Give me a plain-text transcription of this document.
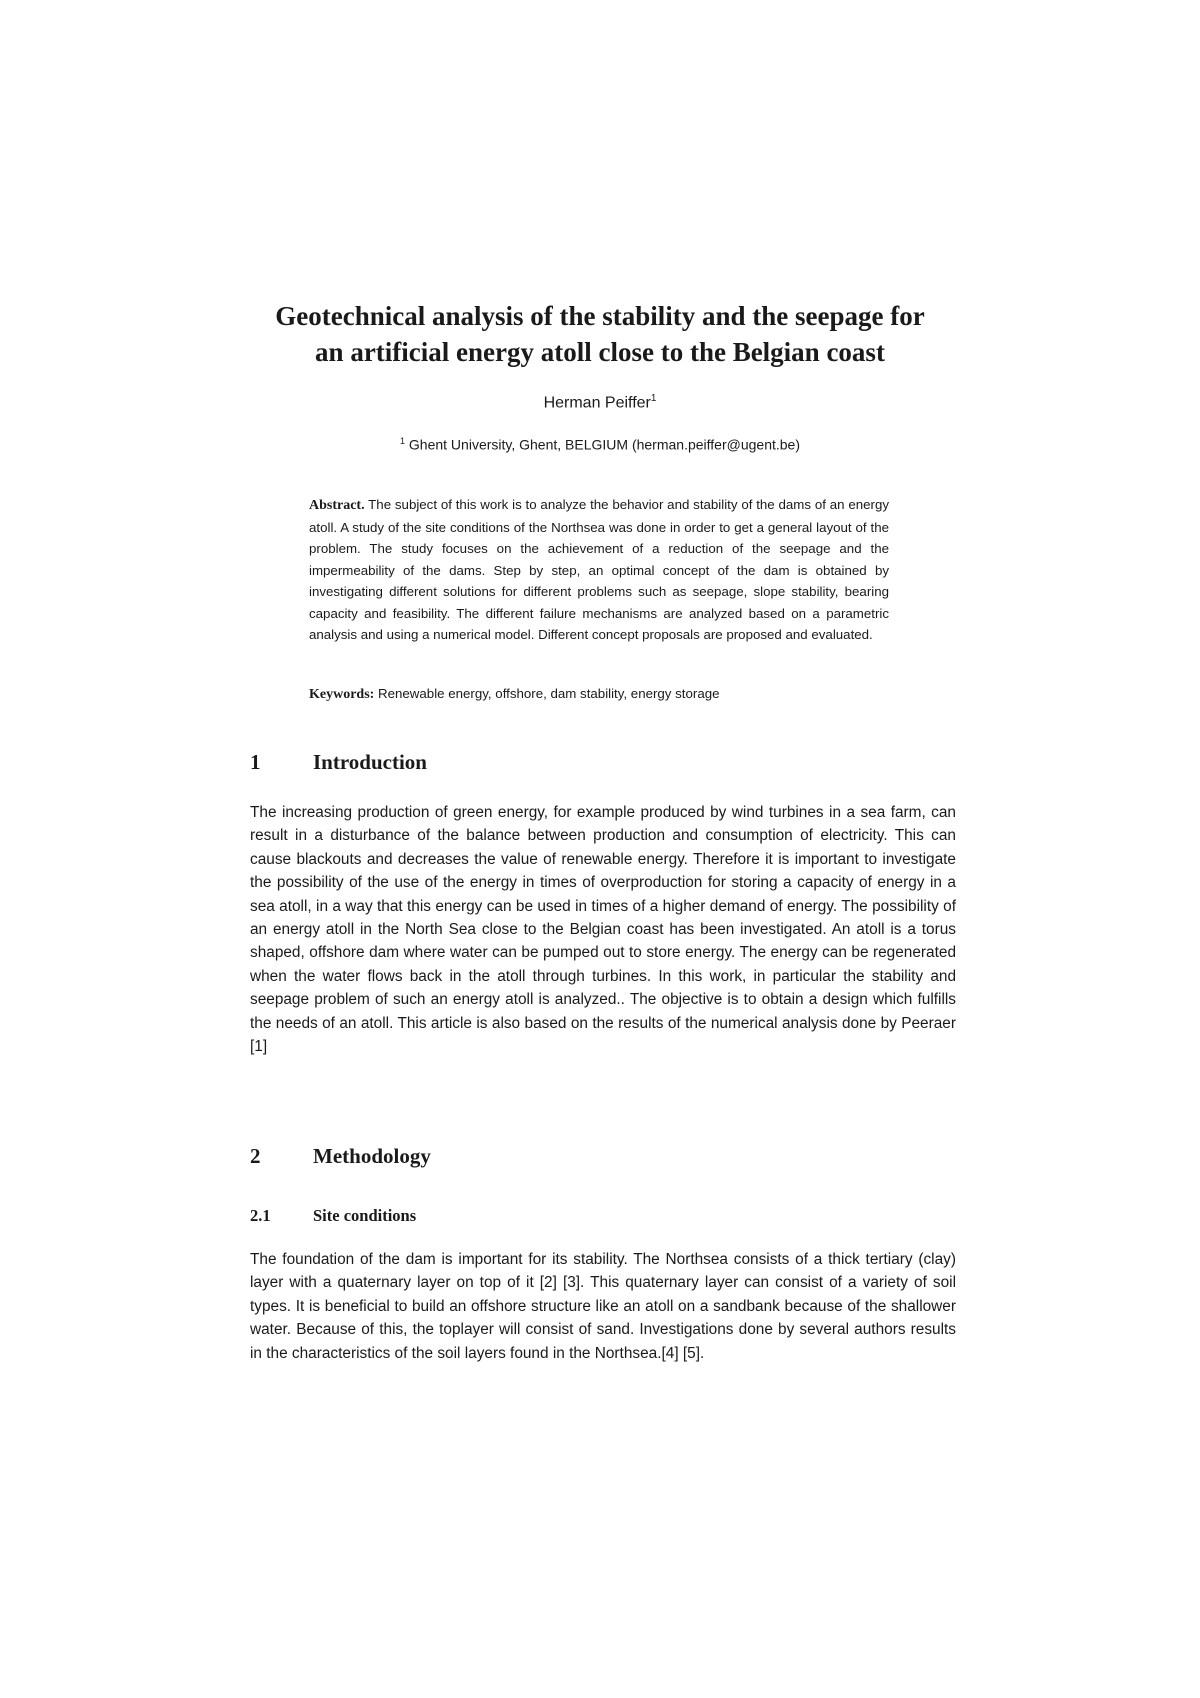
Geotechnical analysis of the stability and the seepage for
an artificial energy atoll close to the Belgian coast
Herman Peiffer$^1$
$^1$ Ghent University, Ghent, BELGIUM (herman.peiffer@ugent.be)

Abstract. The subject of this work is to analyze the behavior and stability of the dams of an energy atoll. A study of the site conditions of the Northsea was done in order to get a general layout of the problem. The study focuses on the achievement of a reduction of the seepage and the impermeability of the dams. Step by step, an optimal concept of the dam is obtained by investigating different solutions for different problems such as seepage, slope stability, bearing capacity and feasibility. The different failure mechanisms are analyzed based on a parametric analysis and using a numerical model. Different concept proposals are proposed and evaluated.

Keywords: Renewable energy, offshore, dam stability, energy storage

1	Introduction

The increasing production of green energy, for example produced by wind turbines in a sea farm, can result in a disturbance of the balance between production and consumption of electricity. This can cause blackouts and decreases the value of renewable energy. Therefore it is important to investigate the possibility of the use of the energy in times of overproduction for storing a capacity of energy in a sea atoll, in a way that this energy can be used in times of a higher demand of energy. The possibility of an energy atoll in the North Sea close to the Belgian coast has been investigated. An atoll is a torus shaped, offshore dam where water can be pumped out to store energy. The energy can be regenerated when the water flows back in the atoll through turbines. In this work, in particular the stability and seepage problem of such an energy atoll is analyzed.. The objective is to obtain a design which fulfills the needs of an atoll. This article is also based on the results of the numerical analysis done by Peeraer [1]

2	Methodology
2.1	Site conditions

The foundation of the dam is important for its stability. The Northsea consists of a thick tertiary (clay) layer with a quaternary layer on top of it [2] [3]. This quaternary layer can consist of a variety of soil types. It is beneficial to build an offshore structure like an atoll on a sandbank because of the shallower water. Because of this, the toplayer will consist of sand. Investigations done by several authors results in the characteristics of the soil layers found in the Northsea.[4] [5].
